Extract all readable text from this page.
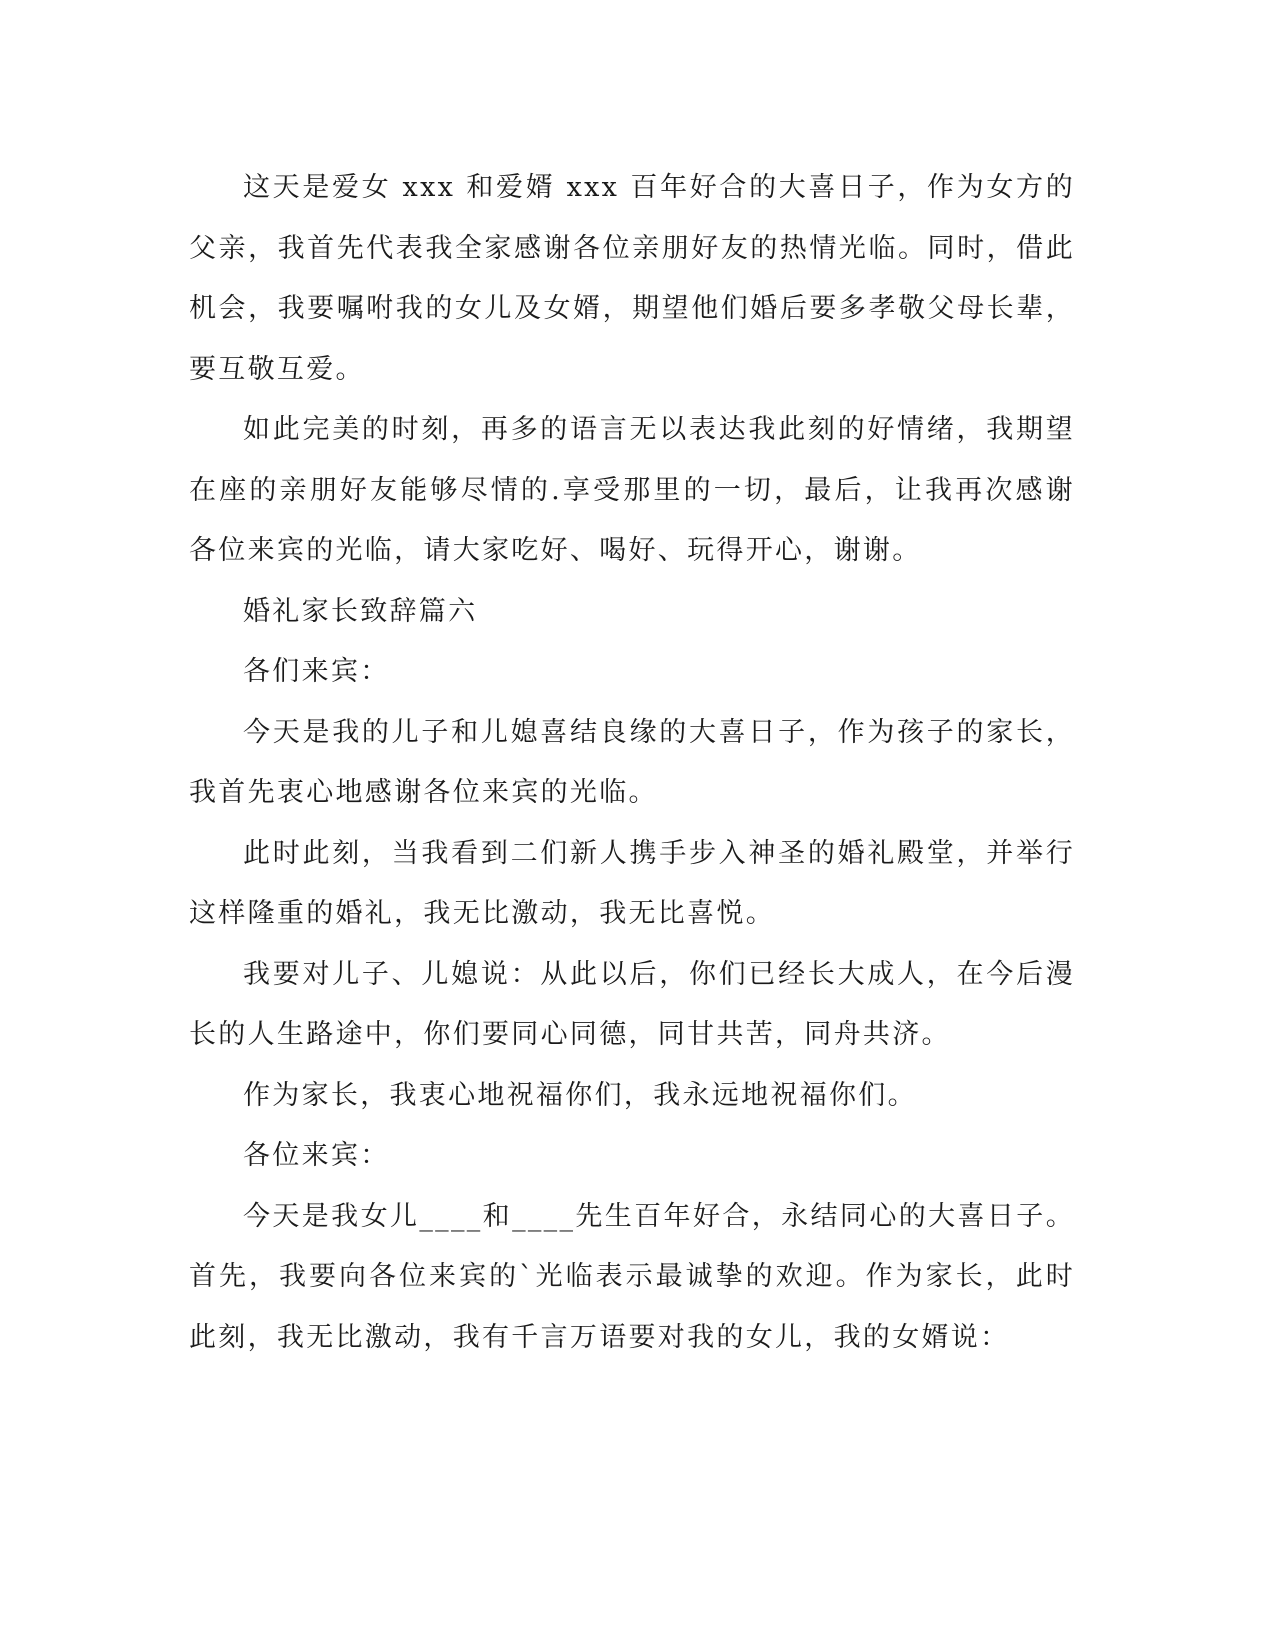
这天是爱女 xxx 和爱婿 xxx 百年好合的大喜日子，作为女方的父亲，我首先代表我全家感谢各位亲朋好友的热情光临。同时，借此机会，我要嘱咐我的女儿及女婿，期望他们婚后要多孝敬父母长辈，要互敬互爱。

如此完美的时刻，再多的语言无以表达我此刻的好情绪，我期望在座的亲朋好友能够尽情的.享受那里的一切，最后，让我再次感谢各位来宾的光临，请大家吃好、喝好、玩得开心，谢谢。

婚礼家长致辞篇六

各们来宾：

今天是我的儿子和儿媳喜结良缘的大喜日子，作为孩子的家长，我首先衷心地感谢各位来宾的光临。

此时此刻，当我看到二们新人携手步入神圣的婚礼殿堂，并举行这样隆重的婚礼，我无比激动，我无比喜悦。

我要对儿子、儿媳说：从此以后，你们已经长大成人，在今后漫长的人生路途中，你们要同心同德，同甘共苦，同舟共济。

作为家长，我衷心地祝福你们，我永远地祝福你们。

各位来宾：

今天是我女儿____和____先生百年好合，永结同心的大喜日子。首先，我要向各位来宾的`光临表示最诚挚的欢迎。作为家长，此时此刻，我无比激动，我有千言万语要对我的女儿，我的女婿说：
